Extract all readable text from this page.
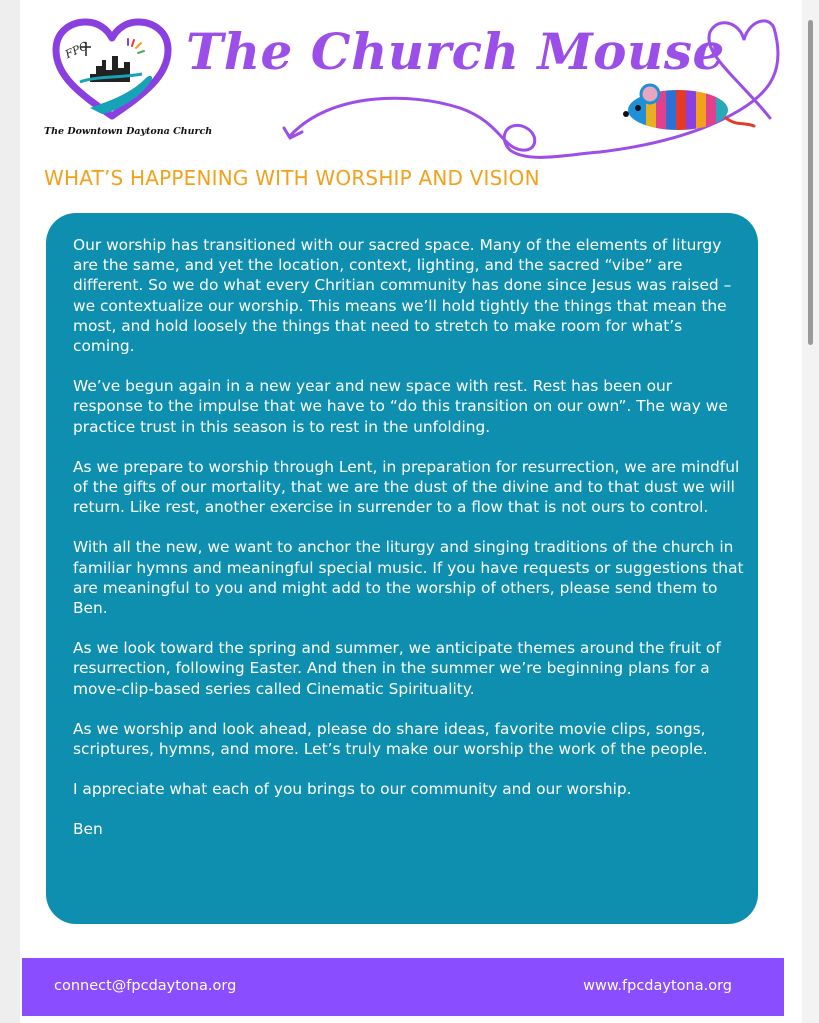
FPC
The Downtown Daytona Church
The Church Mouse
WHAT’S HAPPENING WITH WORSHIP AND VISION

Our worship has transitioned with our sacred space. Many of the elements of liturgy are the same, and yet the location, context, lighting, and the sacred “vibe” are different. So we do what every Chritian community has done since Jesus was raised – we contextualize our worship. This means we’ll hold tightly the things that mean the most, and hold loosely the things that need to stretch to make room for what’s coming.

We’ve begun again in a new year and new space with rest. Rest has been our response to the impulse that we have to “do this transition on our own”. The way we practice trust in this season is to rest in the unfolding.

As we prepare to worship through Lent, in preparation for resurrection, we are mindful of the gifts of our mortality, that we are the dust of the divine and to that dust we will return. Like rest, another exercise in surrender to a flow that is not ours to control.

With all the new, we want to anchor the liturgy and singing traditions of the church in familiar hymns and meaningful special music. If you have requests or suggestions that are meaningful to you and might add to the worship of others, please send them to Ben.

As we look toward the spring and summer, we anticipate themes around the fruit of resurrection, following Easter. And then in the summer we’re beginning plans for a move-clip-based series called Cinematic Spirituality.

As we worship and look ahead, please do share ideas, favorite movie clips, songs, scriptures, hymns, and more. Let’s truly make our worship the work of the people.

I appreciate what each of you brings to our community and our worship.

Ben

connect@fpcdaytona.org	www.fpcdaytona.org
